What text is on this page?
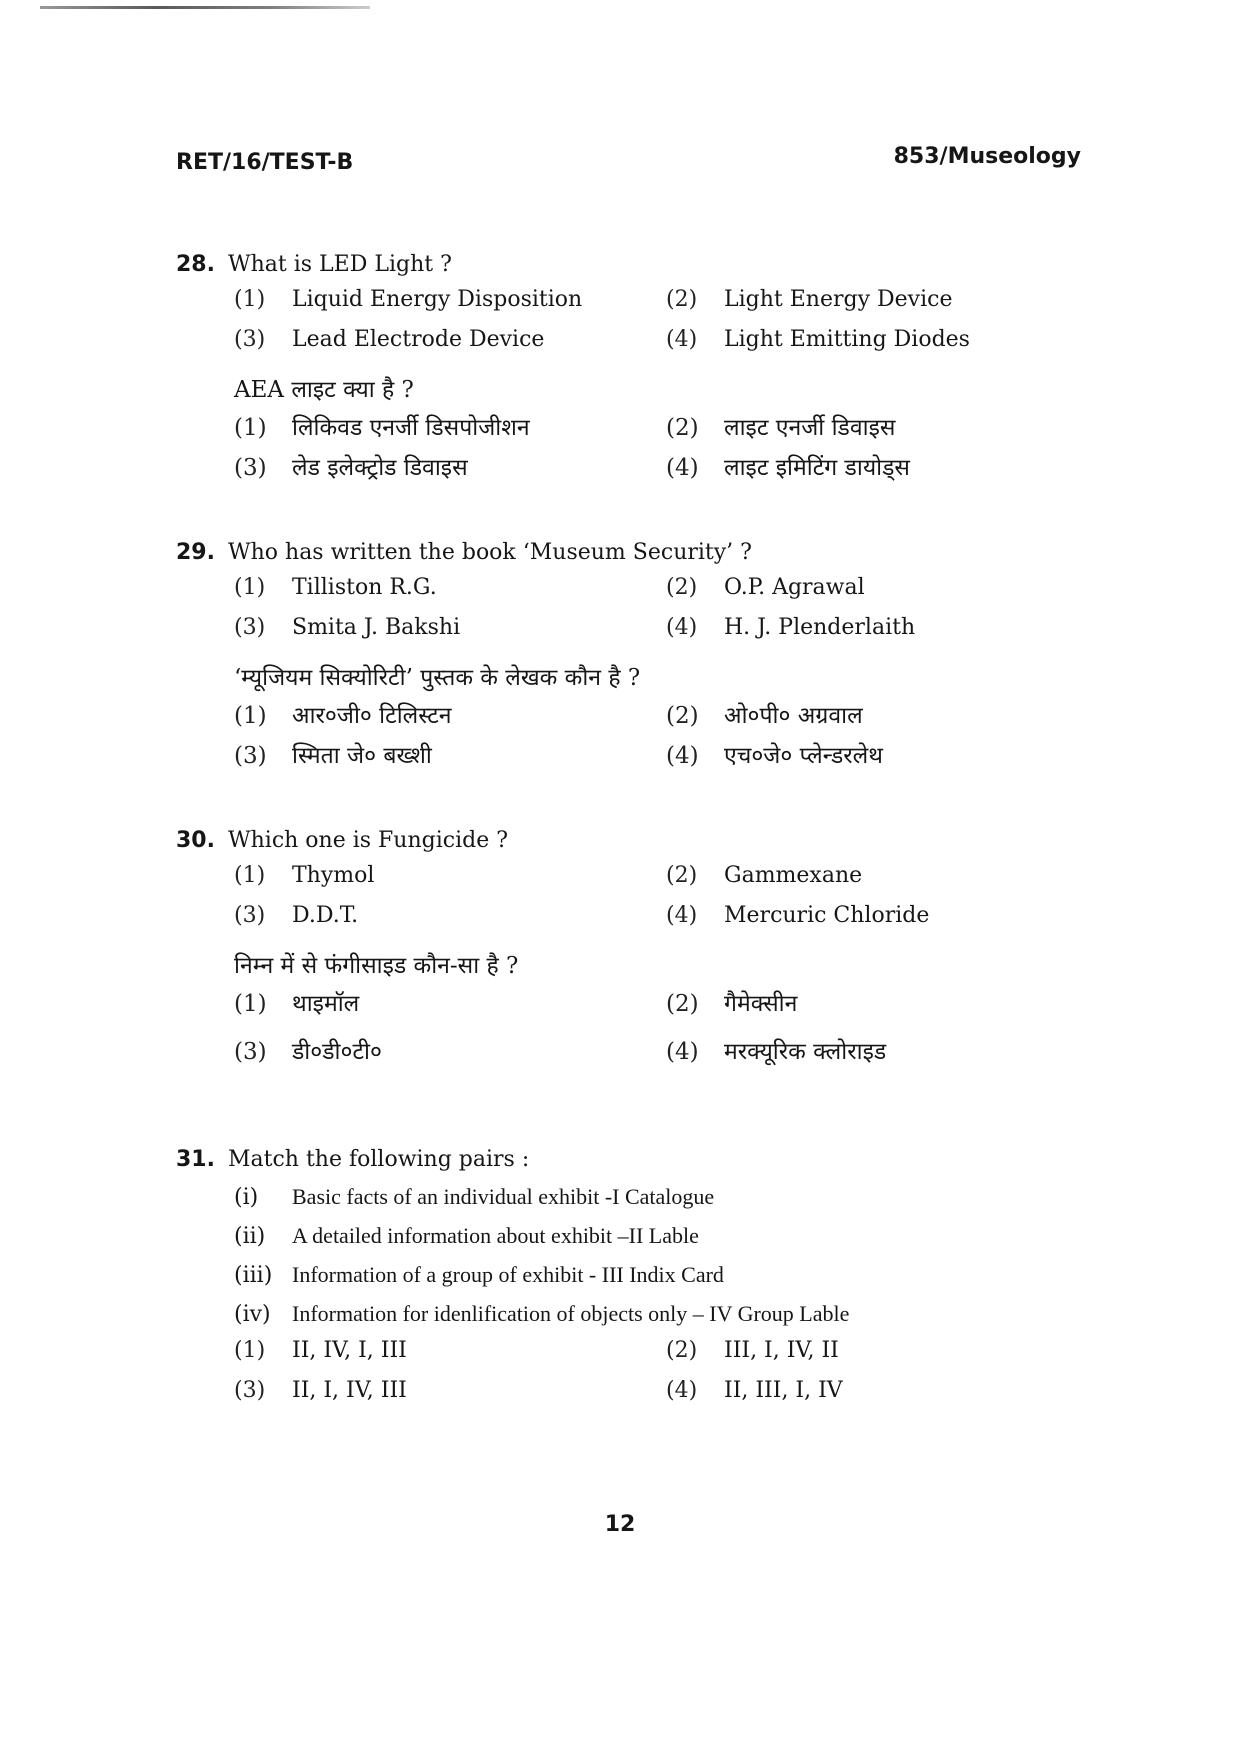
RET/16/TEST-B	853/Museology
28. What is LED Light ?
(1) Liquid Energy Disposition	(2) Light Energy Device
(3) Lead Electrode Device	(4) Light Emitting Diodes
AEA लाइट क्या है ?
(1) लिकिवड एनर्जी डिसपोजीशन	(2) लाइट एनर्जी डिवाइस
(3) लेड इलेक्ट्रोड डिवाइस	(4) लाइट इमिटिंग डायोड्स
29. Who has written the book ‘Museum Security’ ?
(1) Tilliston R.G.	(2) O.P. Agrawal
(3) Smita J. Bakshi	(4) H. J. Plenderlaith
‘म्यूजियम सिक्योरिटी’ पुस्तक के लेखक कौन है ?
(1) आर०जी० टिलिस्टन	(2) ओ०पी० अग्रवाल
(3) स्मिता जे० बख्शी	(4) एच०जे० प्लेन्डरलेथ
30. Which one is Fungicide ?
(1) Thymol	(2) Gammexane
(3) D.D.T.	(4) Mercuric Chloride
निम्न में से फंगीसाइड कौन-सा है ?
(1) थाइमॉल	(2) गैमेक्सीन
(3) डी०डी०टी०	(4) मरक्यूरिक क्लोराइड
31. Match the following pairs :
(i) Basic facts of an individual exhibit -I Catalogue
(ii) A detailed information about exhibit –II Lable
(iii) Information of a group of exhibit - III Indix Card
(iv) Information for idenlification of objects only – IV Group Lable
(1) II, IV, I, III	(2) III, I, IV, II
(3) II, I, IV, III	(4) II, III, I, IV
12
